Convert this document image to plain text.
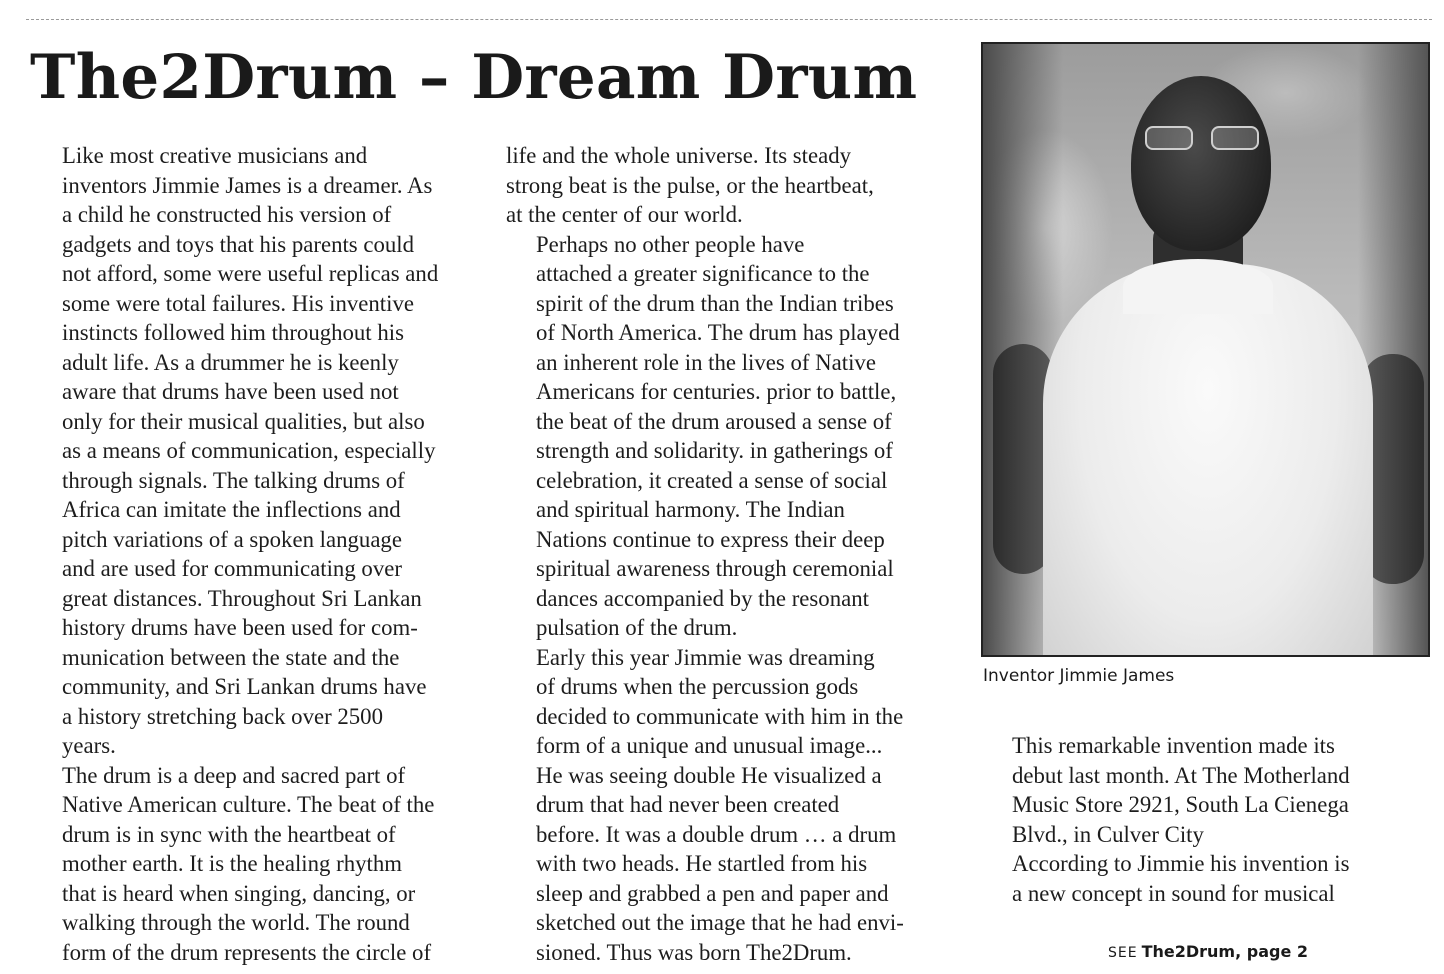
The2Drum – Dream Drum

Like most creative musicians and
inventors Jimmie James is a dreamer. As
a child he constructed his version of
gadgets and toys that his parents could
not afford, some were useful replicas and
some were total failures. His inventive
instincts followed him throughout his
adult life. As a drummer he is keenly
aware that drums have been used not
only for their musical qualities, but also
as a means of communication, especially
through signals. The talking drums of
Africa can imitate the inflections and
pitch variations of a spoken language
and are used for communicating over
great distances. Throughout Sri Lankan
history drums have been used for com-
munication between the state and the
community, and Sri Lankan drums have
a history stretching back over 2500
years.

The drum is a deep and sacred part of
Native American culture. The beat of the
drum is in sync with the heartbeat of
mother earth. It is the healing rhythm
that is heard when singing, dancing, or
walking through the world. The round
form of the drum represents the circle of

life and the whole universe. Its steady
strong beat is the pulse, or the heartbeat,
at the center of our world.

Perhaps no other people have
attached a greater significance to the
spirit of the drum than the Indian tribes
of North America. The drum has played
an inherent role in the lives of Native
Americans for centuries. prior to battle,
the beat of the drum aroused a sense of
strength and solidarity. in gatherings of
celebration, it created a sense of social
and spiritual harmony. The Indian
Nations continue to express their deep
spiritual awareness through ceremonial
dances accompanied by the resonant
pulsation of the drum.

Early this year Jimmie was dreaming
of drums when the percussion gods
decided to communicate with him in the
form of a unique and unusual image...
He was seeing double He visualized a
drum that had never been created
before. It was a double drum … a drum
with two heads. He startled from his
sleep and grabbed a pen and paper and
sketched out the image that he had envi-
sioned. Thus was born The2Drum.

Inventor Jimmie James

This remarkable invention made its
debut last month. At The Motherland
Music Store 2921, South La Cienega
Blvd., in Culver City

According to Jimmie his invention is
a new concept in sound for musical

SEE The2Drum, page 2
